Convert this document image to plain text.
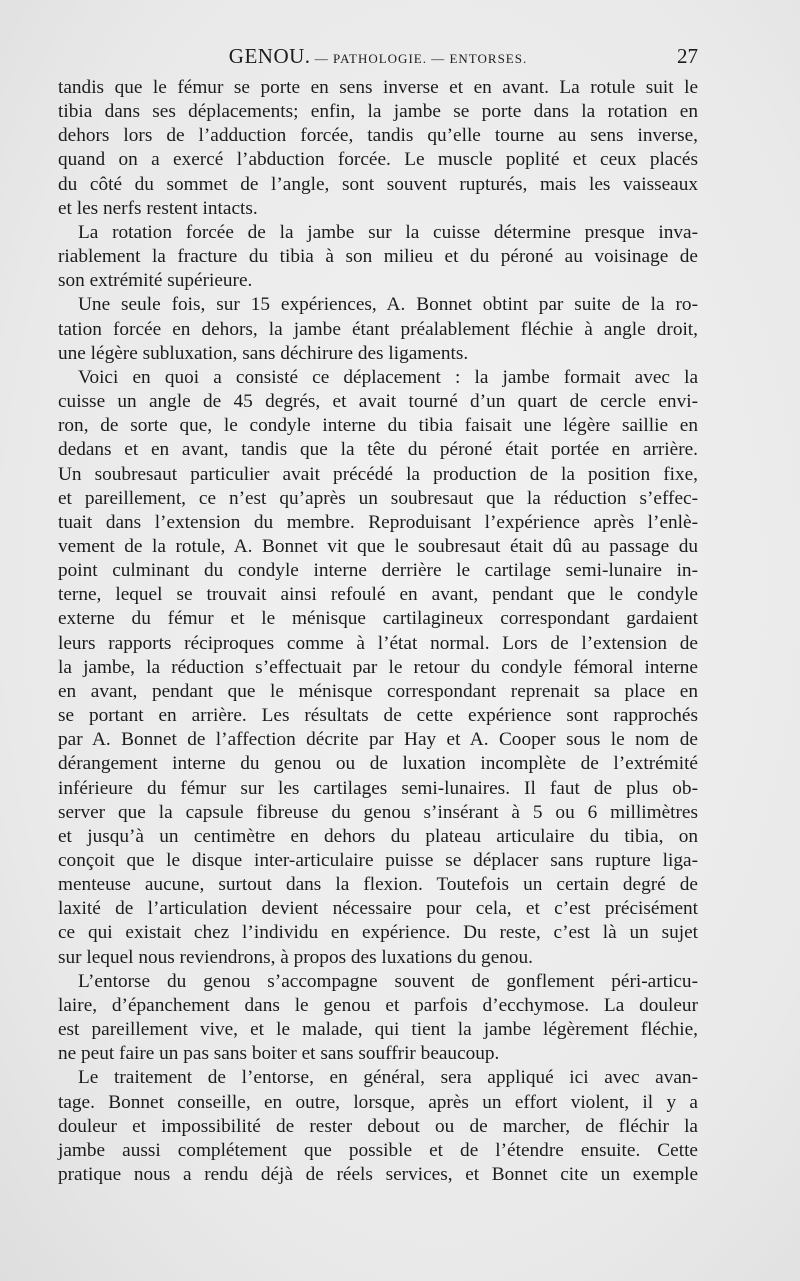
GENOU. — PATHOLOGIE. — ENTORSES.	27
tandis que le fémur se porte en sens inverse et en avant. La rotule suit le
tibia dans ses déplacements; enfin, la jambe se porte dans la rotation en
dehors lors de l’adduction forcée, tandis qu’elle tourne au sens inverse,
quand on a exercé l’abduction forcée. Le muscle poplité et ceux placés
du côté du sommet de l’angle, sont souvent rupturés, mais les vaisseaux
et les nerfs restent intacts.
La rotation forcée de la jambe sur la cuisse détermine presque inva-
riablement la fracture du tibia à son milieu et du péroné au voisinage de
son extrémité supérieure.
Une seule fois, sur 15 expériences, A. Bonnet obtint par suite de la ro-
tation forcée en dehors, la jambe étant préalablement fléchie à angle droit,
une légère subluxation, sans déchirure des ligaments.
Voici en quoi a consisté ce déplacement : la jambe formait avec la
cuisse un angle de 45 degrés, et avait tourné d’un quart de cercle envi-
ron, de sorte que, le condyle interne du tibia faisait une légère saillie en
dedans et en avant, tandis que la tête du péroné était portée en arrière.
Un soubresaut particulier avait précédé la production de la position fixe,
et pareillement, ce n’est qu’après un soubresaut que la réduction s’effec-
tuait dans l’extension du membre. Reproduisant l’expérience après l’enlè-
vement de la rotule, A. Bonnet vit que le soubresaut était dû au passage du
point culminant du condyle interne derrière le cartilage semi-lunaire in-
terne, lequel se trouvait ainsi refoulé en avant, pendant que le condyle
externe du fémur et le ménisque cartilagineux correspondant gardaient
leurs rapports réciproques comme à l’état normal. Lors de l’extension de
la jambe, la réduction s’effectuait par le retour du condyle fémoral interne
en avant, pendant que le ménisque correspondant reprenait sa place en
se portant en arrière. Les résultats de cette expérience sont rapprochés
par A. Bonnet de l’affection décrite par Hay et A. Cooper sous le nom de
dérangement interne du genou ou de luxation incomplète de l’extrémité
inférieure du fémur sur les cartilages semi-lunaires. Il faut de plus ob-
server que la capsule fibreuse du genou s’insérant à 5 ou 6 millimètres
et jusqu’à un centimètre en dehors du plateau articulaire du tibia, on
conçoit que le disque inter-articulaire puisse se déplacer sans rupture liga-
menteuse aucune, surtout dans la flexion. Toutefois un certain degré de
laxité de l’articulation devient nécessaire pour cela, et c’est précisément
ce qui existait chez l’individu en expérience. Du reste, c’est là un sujet
sur lequel nous reviendrons, à propos des luxations du genou.
L’entorse du genou s’accompagne souvent de gonflement péri-articu-
laire, d’épanchement dans le genou et parfois d’ecchymose. La douleur
est pareillement vive, et le malade, qui tient la jambe légèrement fléchie,
ne peut faire un pas sans boiter et sans souffrir beaucoup.
Le traitement de l’entorse, en général, sera appliqué ici avec avan-
tage. Bonnet conseille, en outre, lorsque, après un effort violent, il y a
douleur et impossibilité de rester debout ou de marcher, de fléchir la
jambe aussi complétement que possible et de l’étendre ensuite. Cette
pratique nous a rendu déjà de réels services, et Bonnet cite un exemple
